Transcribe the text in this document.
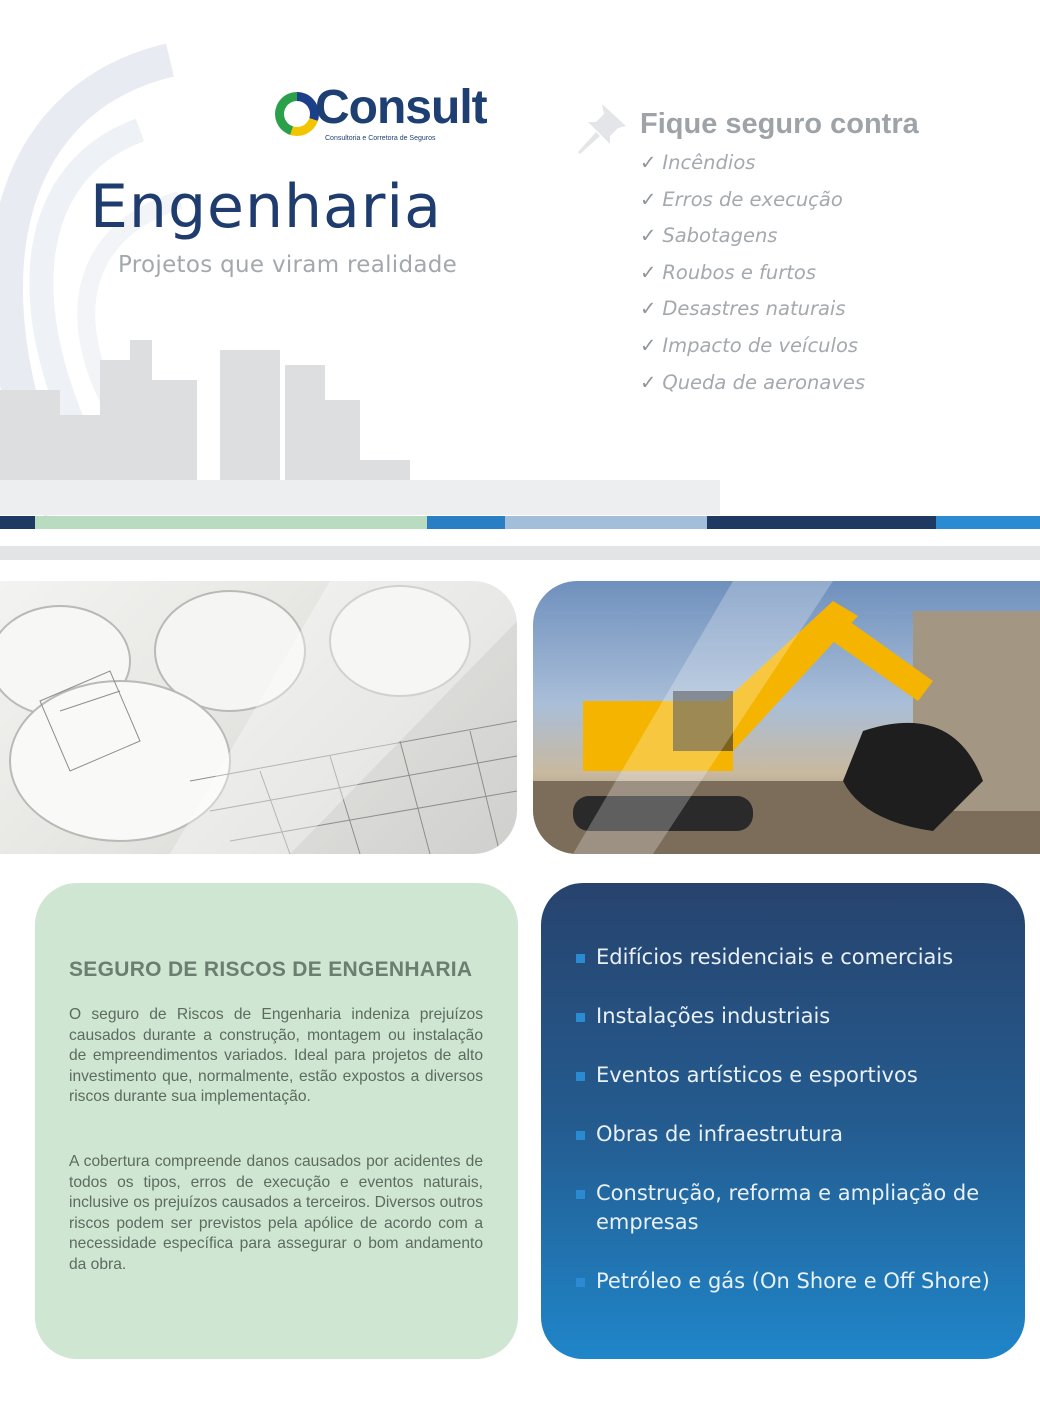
Consult
Consultoria e Corretora de Seguros
Engenharia
Projetos que viram realidade
Fique seguro contra
✓ Incêndios
✓ Erros de execução
✓ Sabotagens
✓ Roubos e furtos
✓ Desastres naturais
✓ Impacto de veículos
✓ Queda de aeronaves
SEGURO DE RISCOS DE ENGENHARIA

O seguro de Riscos de Engenharia indeniza prejuízos causados durante a construção, montagem ou instalação de empreendimentos variados. Ideal para projetos de alto investimento que, normalmente, estão expostos a diversos riscos durante sua implementação.

A cobertura compreende danos causados por acidentes de todos os tipos, erros de execução e eventos naturais, inclusive os prejuízos causados a terceiros. Diversos outros riscos podem ser previstos pela apólice de acordo com a necessidade específica para assegurar o bom andamento da obra.

Edifícios residenciais e comerciais
Instalações industriais
Eventos artísticos e esportivos
Obras de infraestrutura
Construção, reforma e ampliação de empresas
Petróleo e gás (On Shore e Off Shore)
